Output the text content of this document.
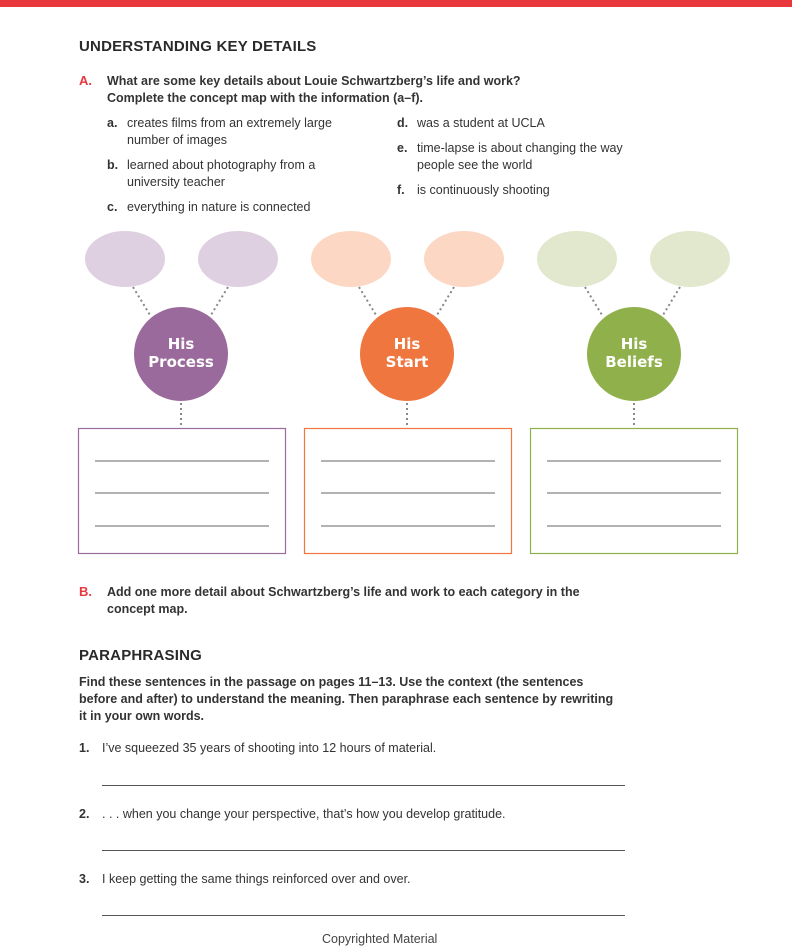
UNDERSTANDING KEY DETAILS
A. What are some key details about Louie Schwartzberg’s life and work? Complete the concept map with the information (a–f).
a. creates films from an extremely large number of images
b. learned about photography from a university teacher
c. everything in nature is connected
d. was a student at UCLA
e. time-lapse is about changing the way people see the world
f. is continuously shooting
His
Process
His
Start
His
Beliefs
B. Add one more detail about Schwartzberg’s life and work to each category in the concept map.
PARAPHRASING
Find these sentences in the passage on pages 11–13. Use the context (the sentences before and after) to understand the meaning. Then paraphrase each sentence by rewriting it in your own words.
1. I’ve squeezed 35 years of shooting into 12 hours of material.
2. . . . when you change your perspective, that’s how you develop gratitude.
3. I keep getting the same things reinforced over and over.
Copyrighted Material
